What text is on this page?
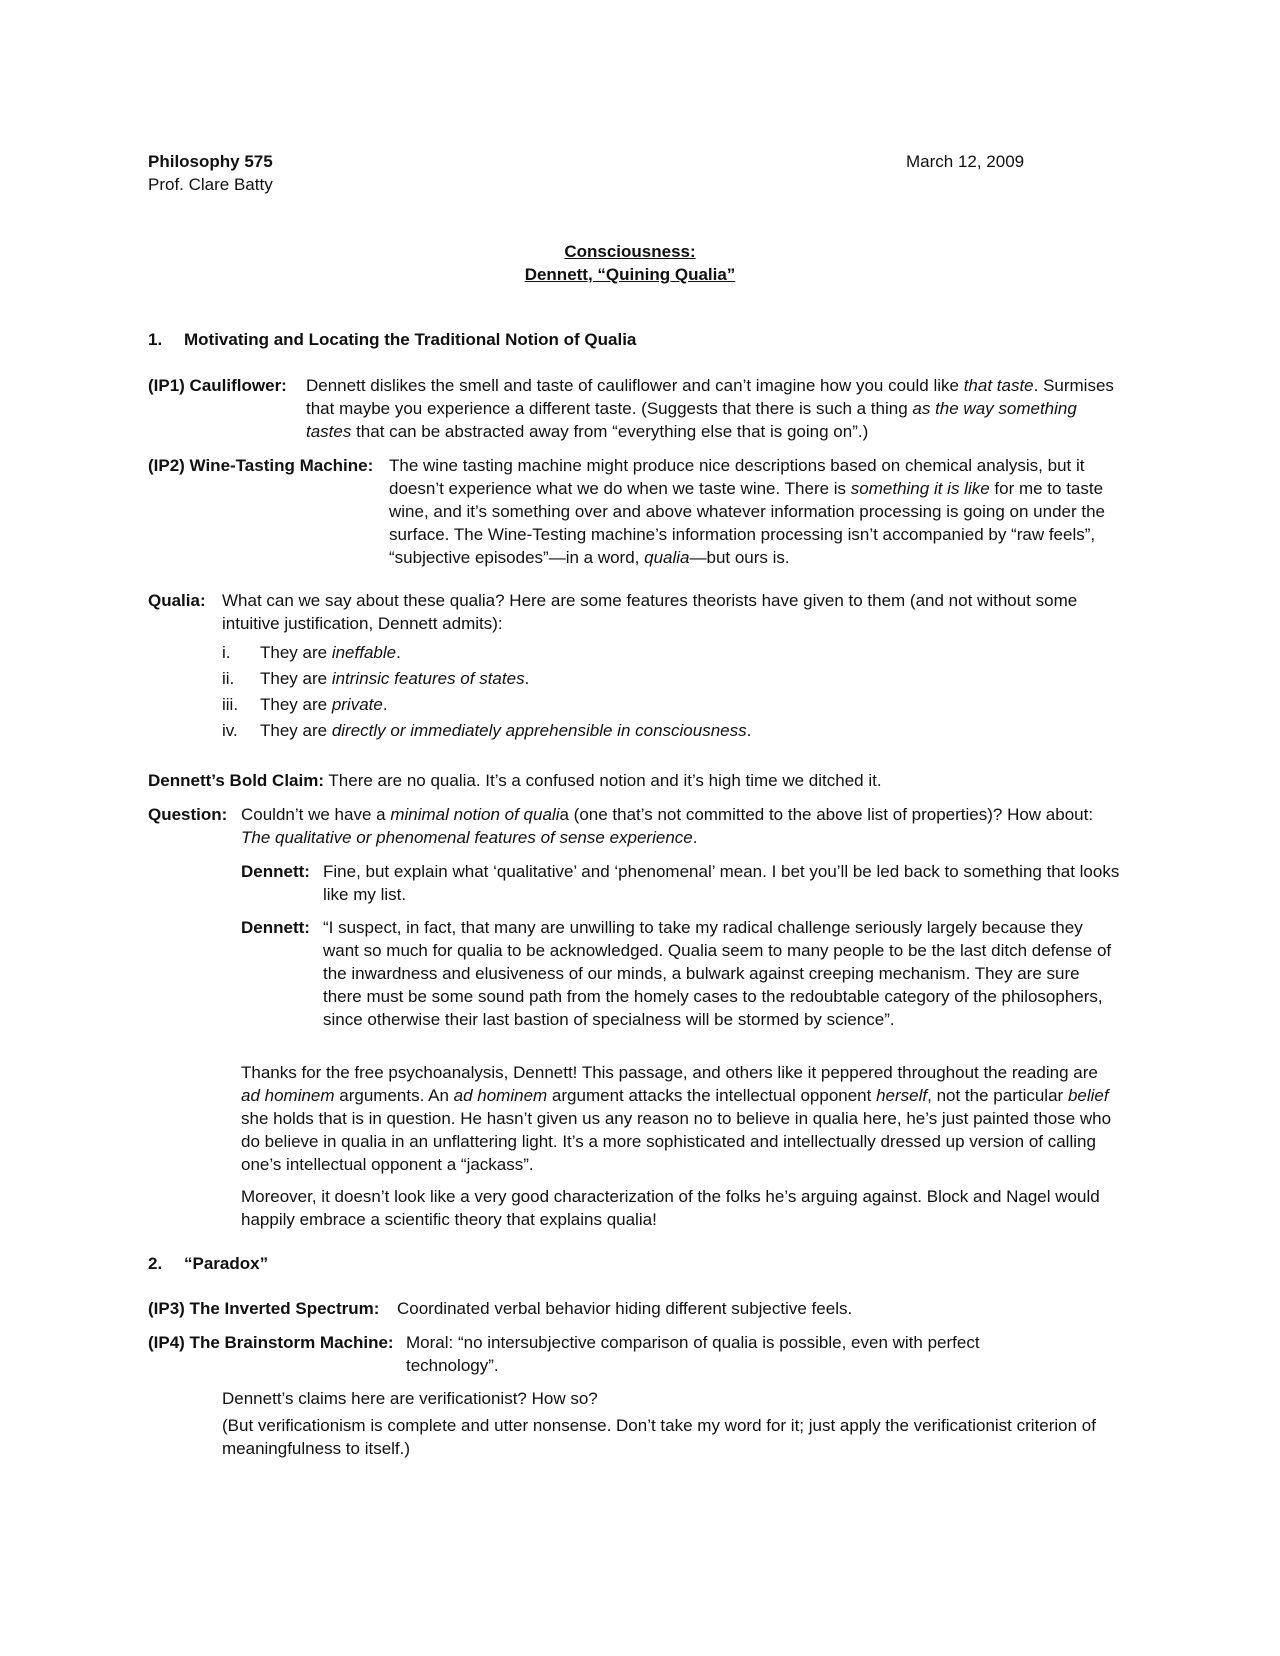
Philosophy 575
Prof. Clare Batty
March 12, 2009
Consciousness:
Dennett, “Quining Qualia”
1. Motivating and Locating the Traditional Notion of Qualia
(IP1) Cauliflower: Dennett dislikes the smell and taste of cauliflower and can’t imagine how you could like that taste. Surmises that maybe you experience a different taste. (Suggests that there is such a thing as the way something tastes that can be abstracted away from “everything else that is going on”.)
(IP2) Wine-Tasting Machine: The wine tasting machine might produce nice descriptions based on chemical analysis, but it doesn’t experience what we do when we taste wine. There is something it is like for me to taste wine, and it’s something over and above whatever information processing is going on under the surface. The Wine-Testing machine’s information processing isn’t accompanied by “raw feels”, “subjective episodes”—in a word, qualia—but ours is.
Qualia: What can we say about these qualia? Here are some features theorists have given to them (and not without some intuitive justification, Dennett admits):
i. They are ineffable.
ii. They are intrinsic features of states.
iii. They are private.
iv. They are directly or immediately apprehensible in consciousness.
Dennett’s Bold Claim: There are no qualia. It’s a confused notion and it’s high time we ditched it.
Question: Couldn’t we have a minimal notion of qualia (one that’s not committed to the above list of properties)? How about: The qualitative or phenomenal features of sense experience.
Dennett: Fine, but explain what ‘qualitative’ and ‘phenomenal’ mean. I bet you’ll be led back to something that looks like my list.
Dennett: “I suspect, in fact, that many are unwilling to take my radical challenge seriously largely because they want so much for qualia to be acknowledged. Qualia seem to many people to be the last ditch defense of the inwardness and elusiveness of our minds, a bulwark against creeping mechanism. They are sure there must be some sound path from the homely cases to the redoubtable category of the philosophers, since otherwise their last bastion of specialness will be stormed by science”.
Thanks for the free psychoanalysis, Dennett! This passage, and others like it peppered throughout the reading are ad hominem arguments. An ad hominem argument attacks the intellectual opponent herself, not the particular belief she holds that is in question. He hasn’t given us any reason no to believe in qualia here, he’s just painted those who do believe in qualia in an unflattering light. It’s a more sophisticated and intellectually dressed up version of calling one’s intellectual opponent a “jackass”.
Moreover, it doesn’t look like a very good characterization of the folks he’s arguing against. Block and Nagel would happily embrace a scientific theory that explains qualia!
2. “Paradox”
(IP3) The Inverted Spectrum: Coordinated verbal behavior hiding different subjective feels.
(IP4) The Brainstorm Machine: Moral: “no intersubjective comparison of qualia is possible, even with perfect technology”.
Dennett’s claims here are verificationist? How so?
(But verificationism is complete and utter nonsense. Don’t take my word for it; just apply the verificationist criterion of meaningfulness to itself.)
